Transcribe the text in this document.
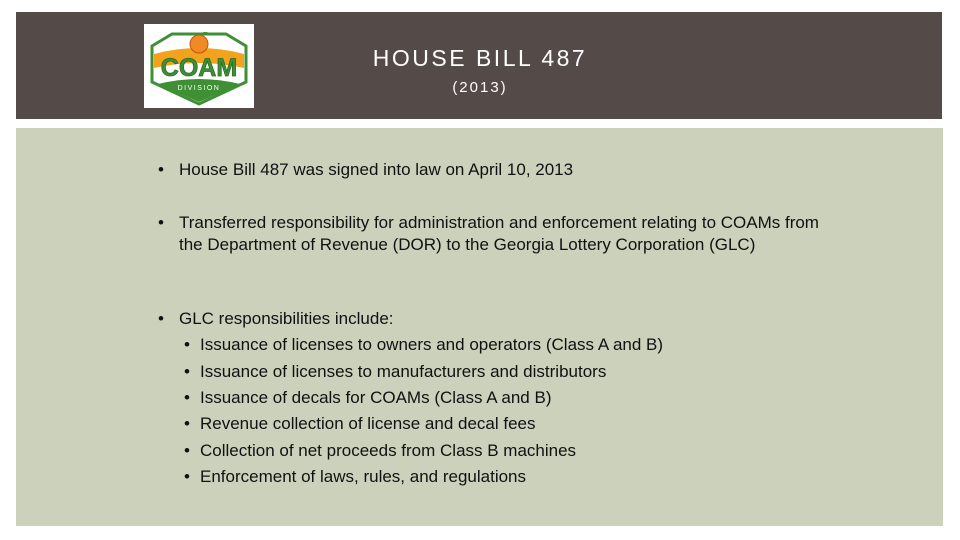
COAM
DIVISION
HOUSE BILL 487
(2013)
• House Bill 487 was signed into law on April 10, 2013
• Transferred responsibility for administration and enforcement relating to COAMs from the Department of Revenue (DOR) to the Georgia Lottery Corporation (GLC)
• GLC responsibilities include:
• Issuance of licenses to owners and operators (Class A and B)
• Issuance of licenses to manufacturers and distributors
• Issuance of decals for COAMs (Class A and B)
• Revenue collection of license and decal fees
• Collection of net proceeds from Class B machines
• Enforcement of laws, rules, and regulations
